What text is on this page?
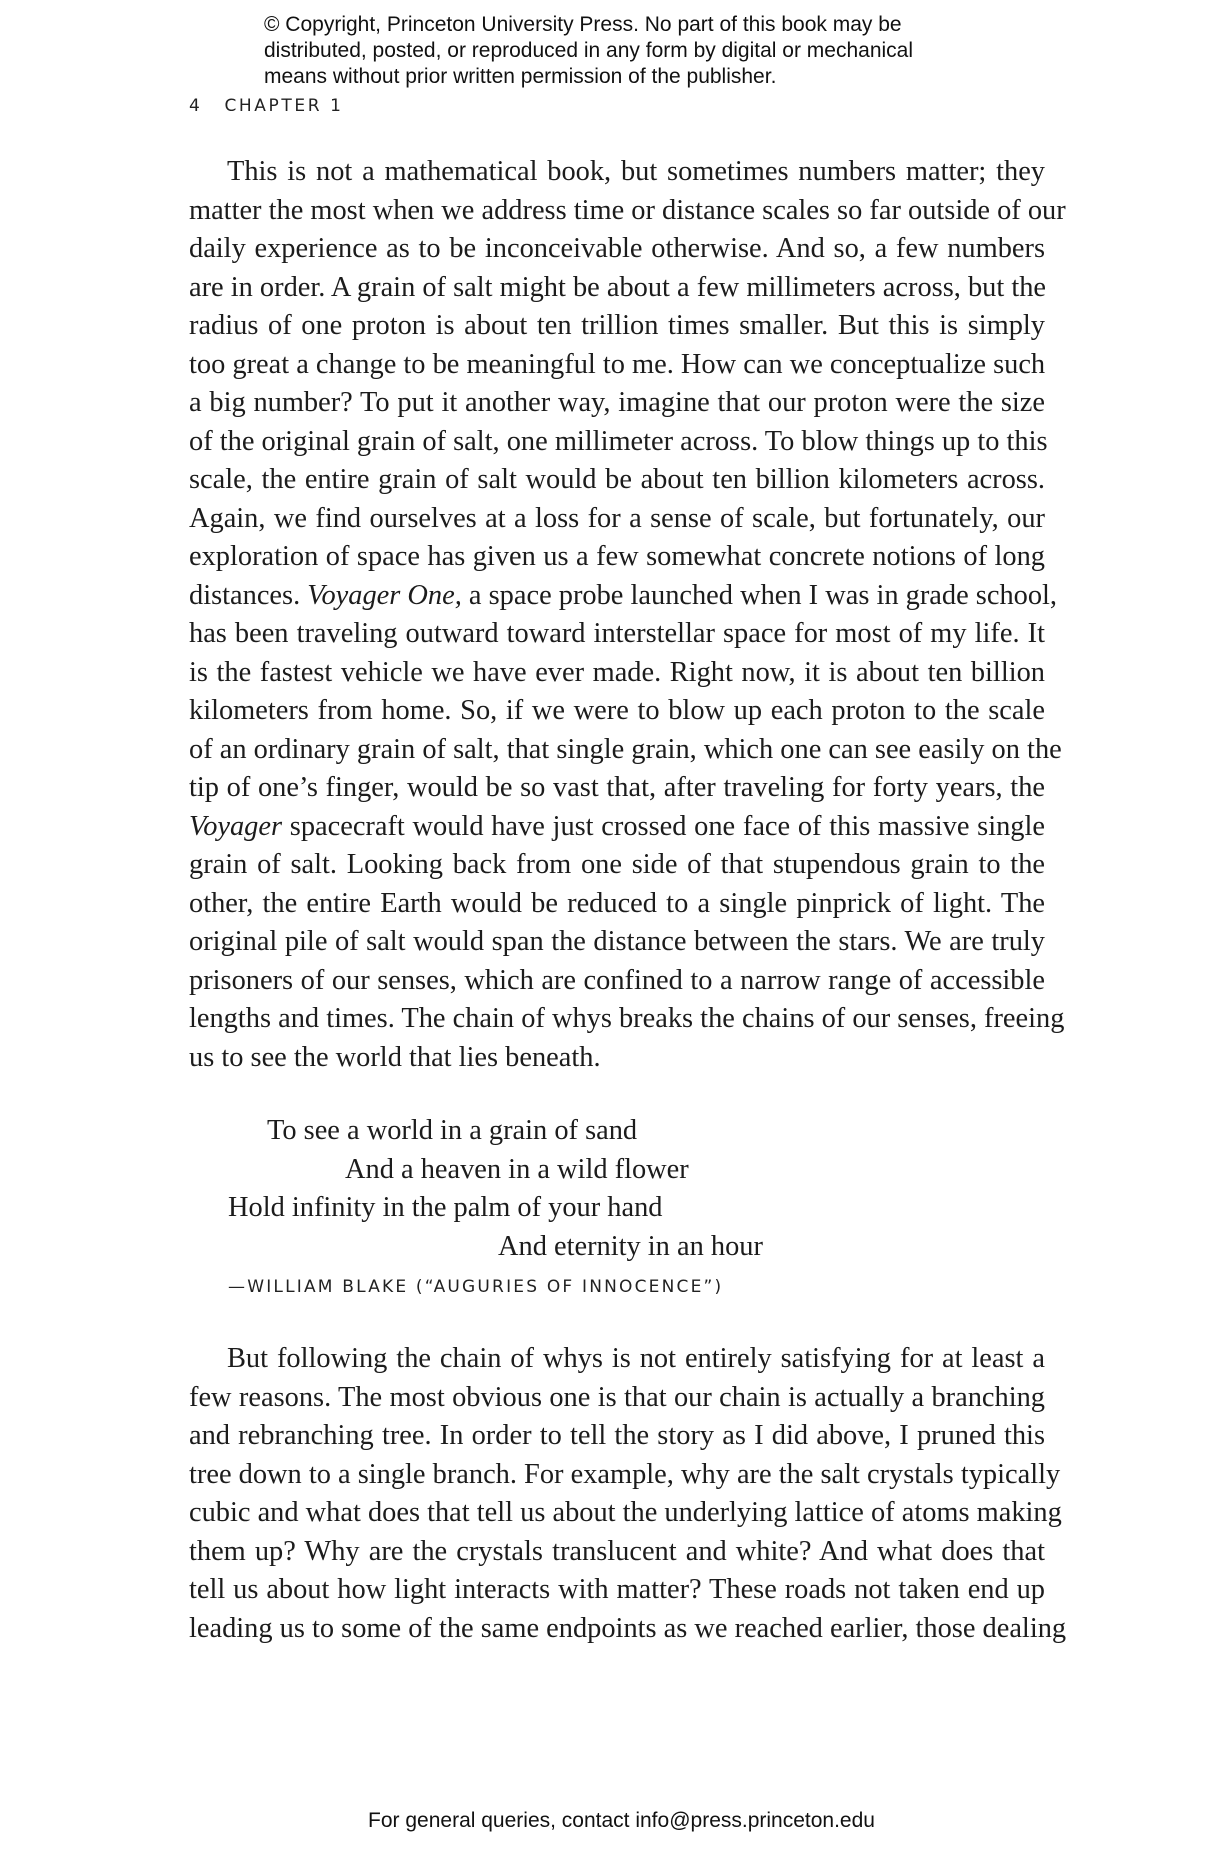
© Copyright, Princeton University Press. No part of this book may be
distributed, posted, or reproduced in any form by digital or mechanical
means without prior written permission of the publisher.
4 CHAPTER 1
This is not a mathematical book, but sometimes numbers matter; they
matter the most when we address time or distance scales so far outside of our
daily experience as to be inconceivable otherwise. And so, a few numbers
are in order. A grain of salt might be about a few millimeters across, but the
radius of one proton is about ten trillion times smaller. But this is simply
too great a change to be meaningful to me. How can we conceptualize such
a big number? To put it another way, imagine that our proton were the size
of the original grain of salt, one millimeter across. To blow things up to this
scale, the entire grain of salt would be about ten billion kilometers across.
Again, we find ourselves at a loss for a sense of scale, but fortunately, our
exploration of space has given us a few somewhat concrete notions of long
distances. Voyager One, a space probe launched when I was in grade school,
has been traveling outward toward interstellar space for most of my life. It
is the fastest vehicle we have ever made. Right now, it is about ten billion
kilometers from home. So, if we were to blow up each proton to the scale
of an ordinary grain of salt, that single grain, which one can see easily on the
tip of one’s finger, would be so vast that, after traveling for forty years, the
Voyager spacecraft would have just crossed one face of this massive single
grain of salt. Looking back from one side of that stupendous grain to the
other, the entire Earth would be reduced to a single pinprick of light. The
original pile of salt would span the distance between the stars. We are truly
prisoners of our senses, which are confined to a narrow range of accessible
lengths and times. The chain of whys breaks the chains of our senses, freeing
us to see the world that lies beneath.
To see a world in a grain of sand
And a heaven in a wild flower
Hold infinity in the palm of your hand
And eternity in an hour
—WILLIAM BLAKE (“AUGURIES OF INNOCENCE”)
But following the chain of whys is not entirely satisfying for at least a
few reasons. The most obvious one is that our chain is actually a branching
and rebranching tree. In order to tell the story as I did above, I pruned this
tree down to a single branch. For example, why are the salt crystals typically
cubic and what does that tell us about the underlying lattice of atoms making
them up? Why are the crystals translucent and white? And what does that
tell us about how light interacts with matter? These roads not taken end up
leading us to some of the same endpoints as we reached earlier, those dealing
For general queries, contact info@press.princeton.edu
